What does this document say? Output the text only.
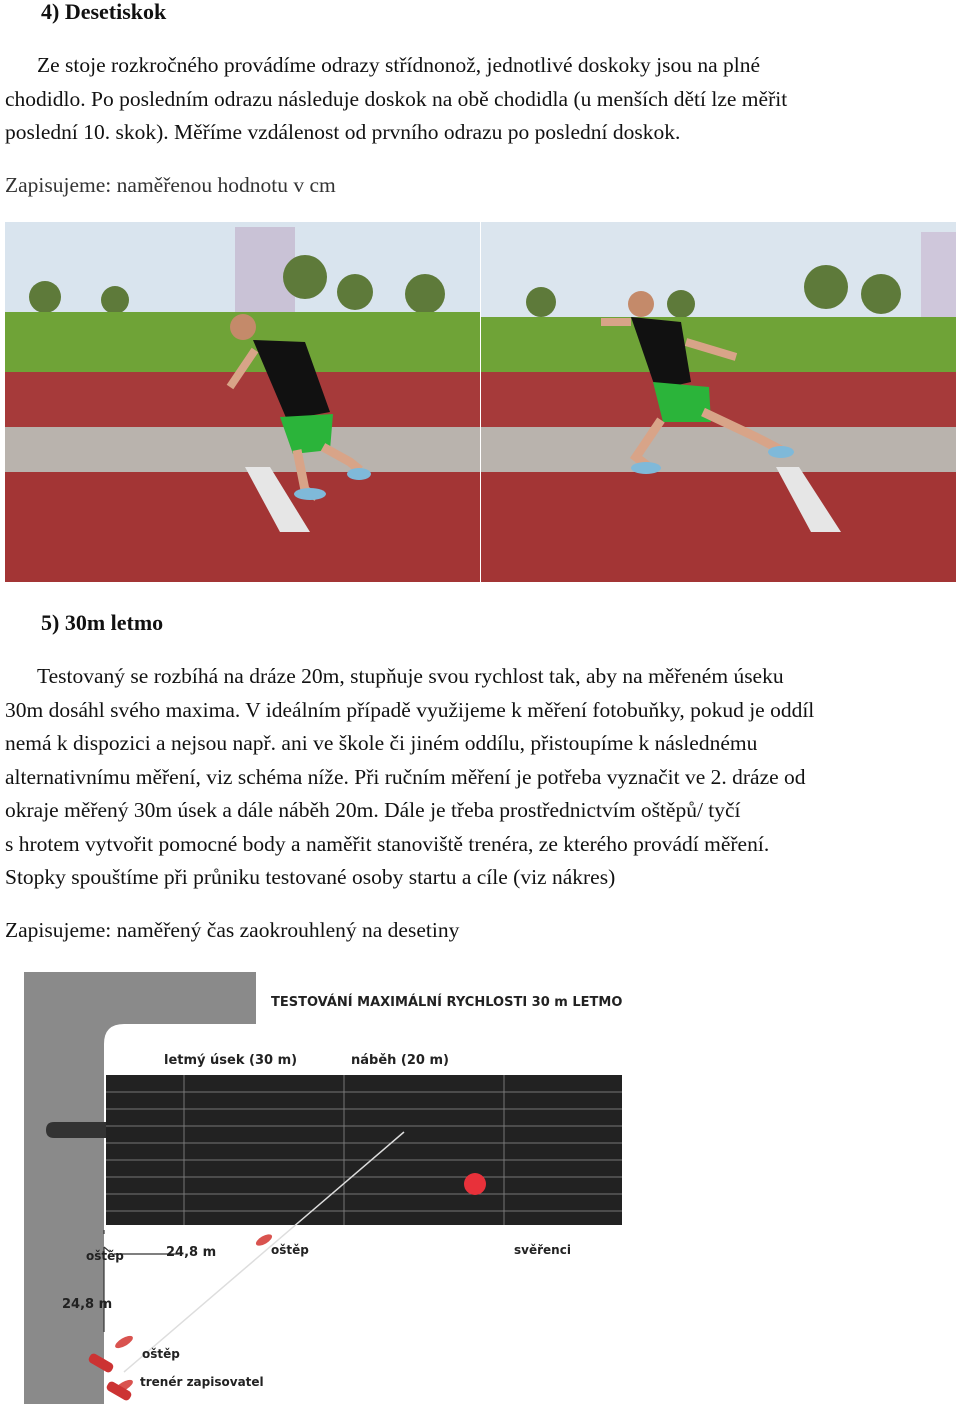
4) Desetiskok

Ze stoje rozkročného provádíme odrazy střídnonož, jednotlivé doskoky jsou na plné
chodidlo. Po posledním odrazu následuje doskok na obě chodidla (u menších dětí lze měřit
poslední 10. skok). Měříme vzdálenost od prvního odrazu po poslední doskok.

Zapisujeme: naměřenou hodnotu v cm

5) 30m letmo
Testovaný se rozbíhá na dráze 20m, stupňuje svou rychlost tak, aby na měřeném úseku
30m dosáhl svého maxima. V ideálním případě využijeme k měření fotobuňky, pokud je oddíl
nemá k dispozici a nejsou např. ani ve škole či jiném oddílu, přistoupíme k následnému
alternativnímu měření, viz schéma níže. Při ručním měření je potřeba vyznačit ve 2. dráze od
okraje měřený 30m úsek a dále náběh 20m. Dále je třeba prostřednictvím oštěpů/ tyčí
s hrotem vytvořit pomocné body a naměřit stanoviště trenéra, ze kterého provádí měření.
Stopky spouštíme při průniku testované osoby startu a cíle (viz nákres)

Zapisujeme: naměřený čas zaokrouhlený na desetiny

TESTOVÁNÍ MAXIMÁLNÍ RYCHLOSTI 30 m LETMO
letmý úsek (30 m)	náběh (20 m)
oštěp	24,8 m	oštěp	svěřenci
24,8 m
oštěp
trenér zapisovatel
